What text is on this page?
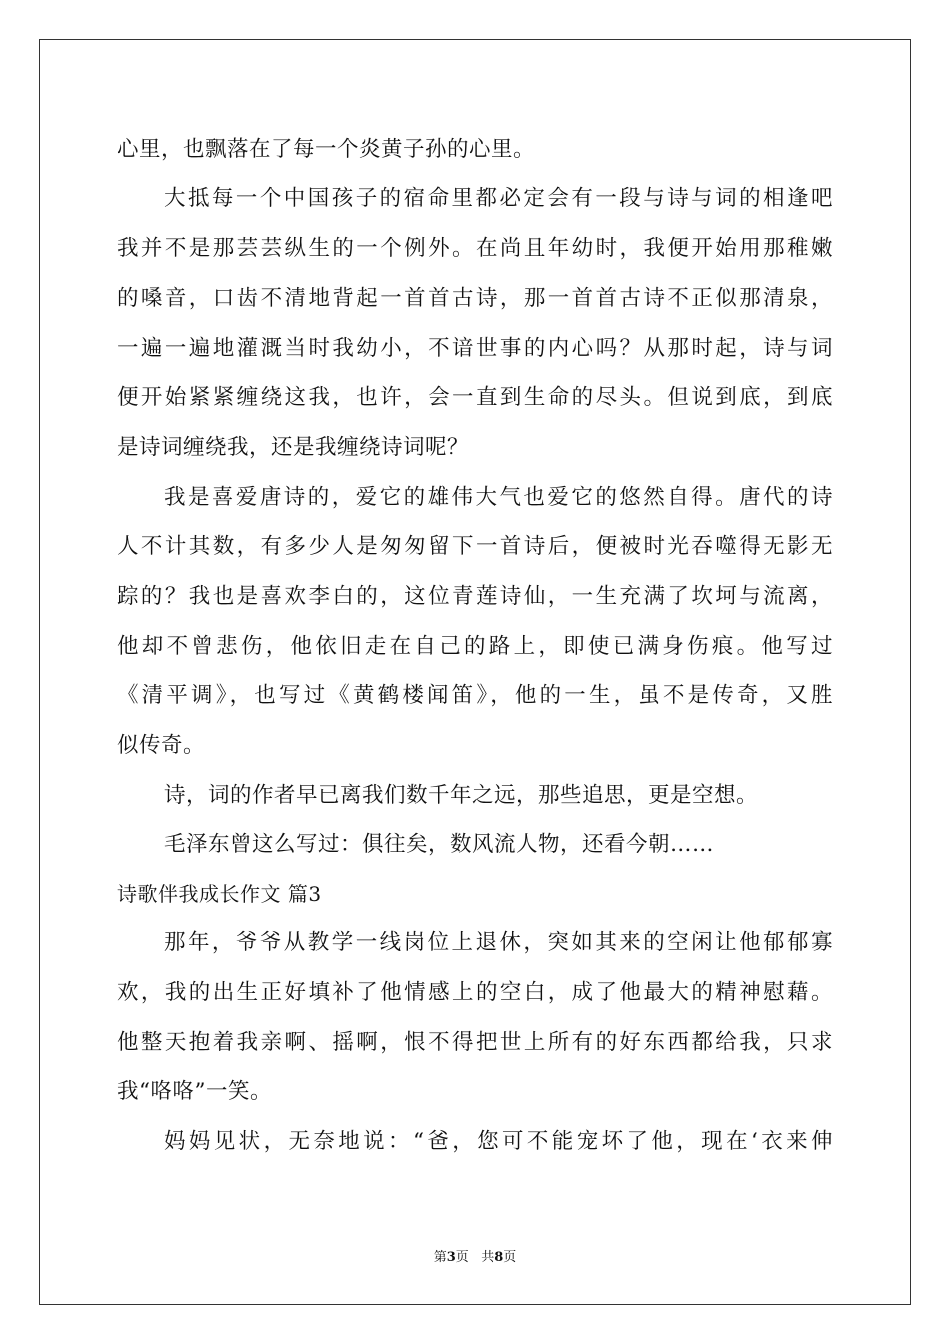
心里，也飘落在了每一个炎黄子孙的心里。
大抵每一个中国孩子的宿命里都必定会有一段与诗与词的相逢吧
我并不是那芸芸纵生的一个例外。在尚且年幼时，我便开始用那稚嫩
的嗓音，口齿不清地背起一首首古诗，那一首首古诗不正似那清泉，
一遍一遍地灌溉当时我幼小，不谙世事的内心吗？从那时起，诗与词
便开始紧紧缠绕这我，也许，会一直到生命的尽头。但说到底，到底
是诗词缠绕我，还是我缠绕诗词呢？
我是喜爱唐诗的，爱它的雄伟大气也爱它的悠然自得。唐代的诗
人不计其数，有多少人是匆匆留下一首诗后，便被时光吞噬得无影无
踪的？我也是喜欢李白的，这位青莲诗仙，一生充满了坎坷与流离，
他却不曾悲伤，他依旧走在自己的路上，即使已满身伤痕。他写过
《清平调》，也写过《黄鹤楼闻笛》，他的一生，虽不是传奇，又胜
似传奇。
诗，词的作者早已离我们数千年之远，那些追思，更是空想。
毛泽东曾这么写过：俱往矣，数风流人物，还看今朝……
诗歌伴我成长作文 篇3
那年，爷爷从教学一线岗位上退休，突如其来的空闲让他郁郁寡
欢，我的出生正好填补了他情感上的空白，成了他最大的精神慰藉。
他整天抱着我亲啊、摇啊，恨不得把世上所有的好东西都给我，只求
我“咯咯”一笑。
妈妈见状，无奈地说：“爸，您可不能宠坏了他，现在‘衣来伸
第3页 共8页
